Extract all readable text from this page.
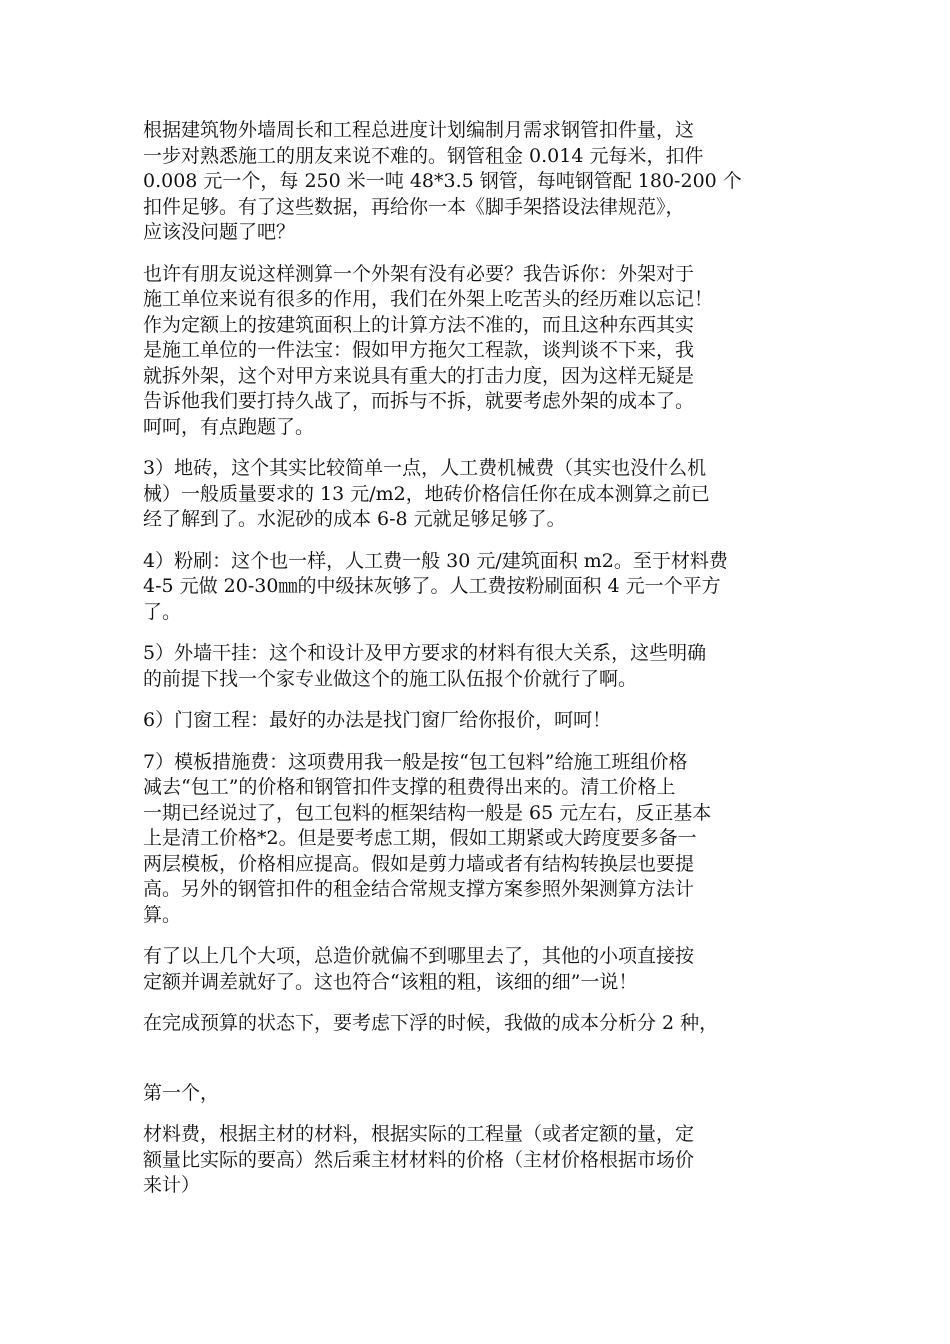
根据建筑物外墙周长和工程总进度计划编制月需求钢管扣件量，这
一步对熟悉施工的朋友来说不难的。钢管租金 0.014 元每米，扣件
0.008 元一个，每 250 米一吨 48*3.5 钢管，每吨钢管配 180-200 个
扣件足够。有了这些数据，再给你一本《脚手架搭设法律规范》，
应该没问题了吧？

也许有朋友说这样测算一个外架有没有必要？我告诉你：外架对于
施工单位来说有很多的作用，我们在外架上吃苦头的经历难以忘记！
作为定额上的按建筑面积上的计算方法不准的，而且这种东西其实
是施工单位的一件法宝：假如甲方拖欠工程款，谈判谈不下来，我
就拆外架，这个对甲方来说具有重大的打击力度，因为这样无疑是
告诉他我们要打持久战了，而拆与不拆，就要考虑外架的成本了。
呵呵，有点跑题了。

3）地砖，这个其实比较简单一点，人工费机械费（其实也没什么机
械）一般质量要求的 13 元/m2，地砖价格信任你在成本测算之前已
经了解到了。水泥砂的成本 6-8 元就足够足够了。

4）粉刷：这个也一样，人工费一般 30 元/建筑面积 m2。至于材料费
4-5 元做 20-30㎜的中级抹灰够了。人工费按粉刷面积 4 元一个平方
了。

5）外墙干挂：这个和设计及甲方要求的材料有很大关系，这些明确
的前提下找一个家专业做这个的施工队伍报个价就行了啊。

6）门窗工程：最好的办法是找门窗厂给你报价，呵呵！

7）模板措施费：这项费用我一般是按“包工包料”给施工班组价格
减去“包工”的价格和钢管扣件支撑的租费得出来的。清工价格上
一期已经说过了，包工包料的框架结构一般是 65 元左右，反正基本
上是清工价格*2。但是要考虑工期，假如工期紧或大跨度要多备一
两层模板，价格相应提高。假如是剪力墙或者有结构转换层也要提
高。另外的钢管扣件的租金结合常规支撑方案参照外架测算方法计
算。

有了以上几个大项，总造价就偏不到哪里去了，其他的小项直接按
定额并调差就好了。这也符合“该粗的粗，该细的细”一说！

在完成预算的状态下，要考虑下浮的时候，我做的成本分析分 2 种，

第一个，

材料费，根据主材的材料，根据实际的工程量（或者定额的量，定
额量比实际的要高）然后乘主材材料的价格（主材价格根据市场价
来计）
